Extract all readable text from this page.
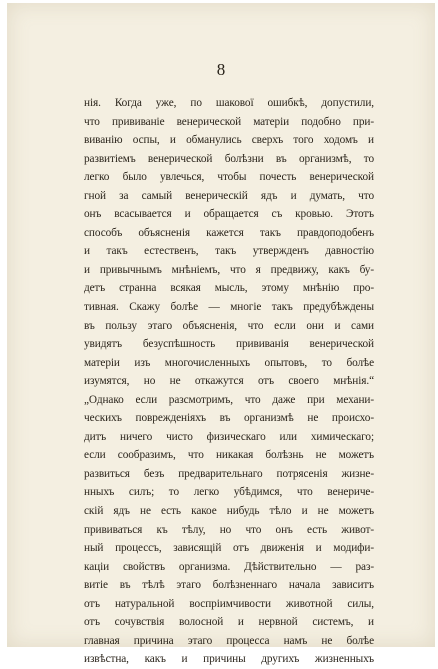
8
нія. Когда уже, по шакової ошибкѣ, допустили,
что прививаніе венерической матеріи подобно при-
виванію оспы, и обманулись сверхъ того ходомъ и
развитіемъ венерической болѣзни въ организмѣ, то
легко было увлечься, чтобы почесть венерической
гной за самый венерическій ядъ и думать, что
онъ всасывается и обращается съ кровью. Этотъ
способъ объясненія кажется такъ правдоподобенъ
и такъ естественъ, такъ утвержденъ давностію
и привычнымъ мнѣніемъ, что я предвижу, какъ бу-
детъ странна всякая мысль, этому мнѣнію про-
тивная. Скажу болѣе — многіе такъ предубѣждены
въ пользу этаго объясненія, что если они и сами
увидятъ безуспѣшность прививанія венерической
матеріи изъ многочисленныхъ опытовъ, то болѣе
изумятся, но не откажутся отъ своего мнѣнія.“
„Однако если разсмотримъ, что даже при механи-
ческихъ поврежденіяхъ въ организмѣ не происхо-
дитъ ничего чисто физическаго или химическаго;
если сообразимъ, что никакая болѣзнь не можетъ
развиться безъ предварительнаго потрясенія жизне-
нныхъ силъ; то легко убѣдимся, что венериче-
скій ядъ не есть какое нибудь тѣло и не можетъ
прививаться къ тѣлу, но что онъ есть живот-
ный процессъ, зависящій отъ движенія и модифи-
каціи свойствъ организма. Дѣйствительно — раз-
витіе въ тѣлѣ этаго болѣзненнаго начала зависитъ
отъ натуральной воспріимчивости животной силы,
отъ сочувствія волосной и нервной системъ, и
главная причина этаго процесса намъ не болѣе
извѣстна, какъ и причины другихъ жизненныхъ
